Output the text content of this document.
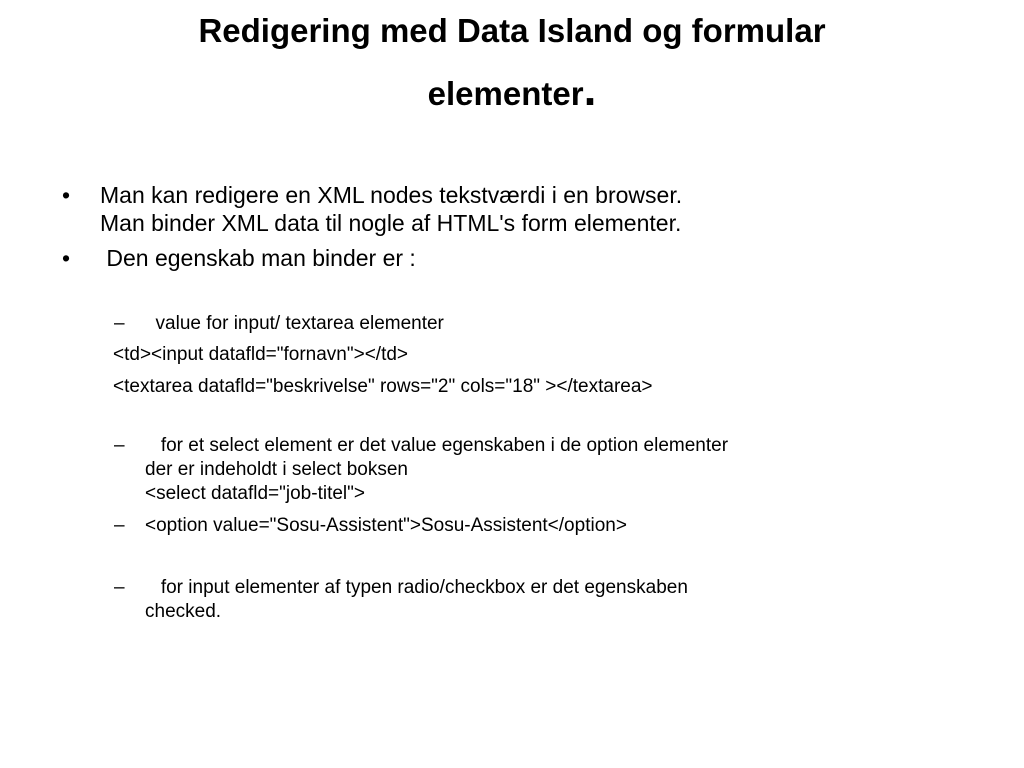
Redigering med Data Island og formular
elementer.
• Man kan redigere en XML nodes tekstværdi i en browser.
Man binder XML data til nogle af HTML's form elementer.
• Den egenskab man binder er :
– value for input/ textarea elementer
<td><input datafld="fornavn"></td>
<textarea datafld="beskrivelse" rows="2" cols="18" ></textarea>
– for et select element er det value egenskaben i de option elementer
der er indeholdt i select boksen
<select datafld="job-titel">
– <option value="Sosu-Assistent">Sosu-Assistent</option>
– for input elementer af typen radio/checkbox er det egenskaben
checked.
